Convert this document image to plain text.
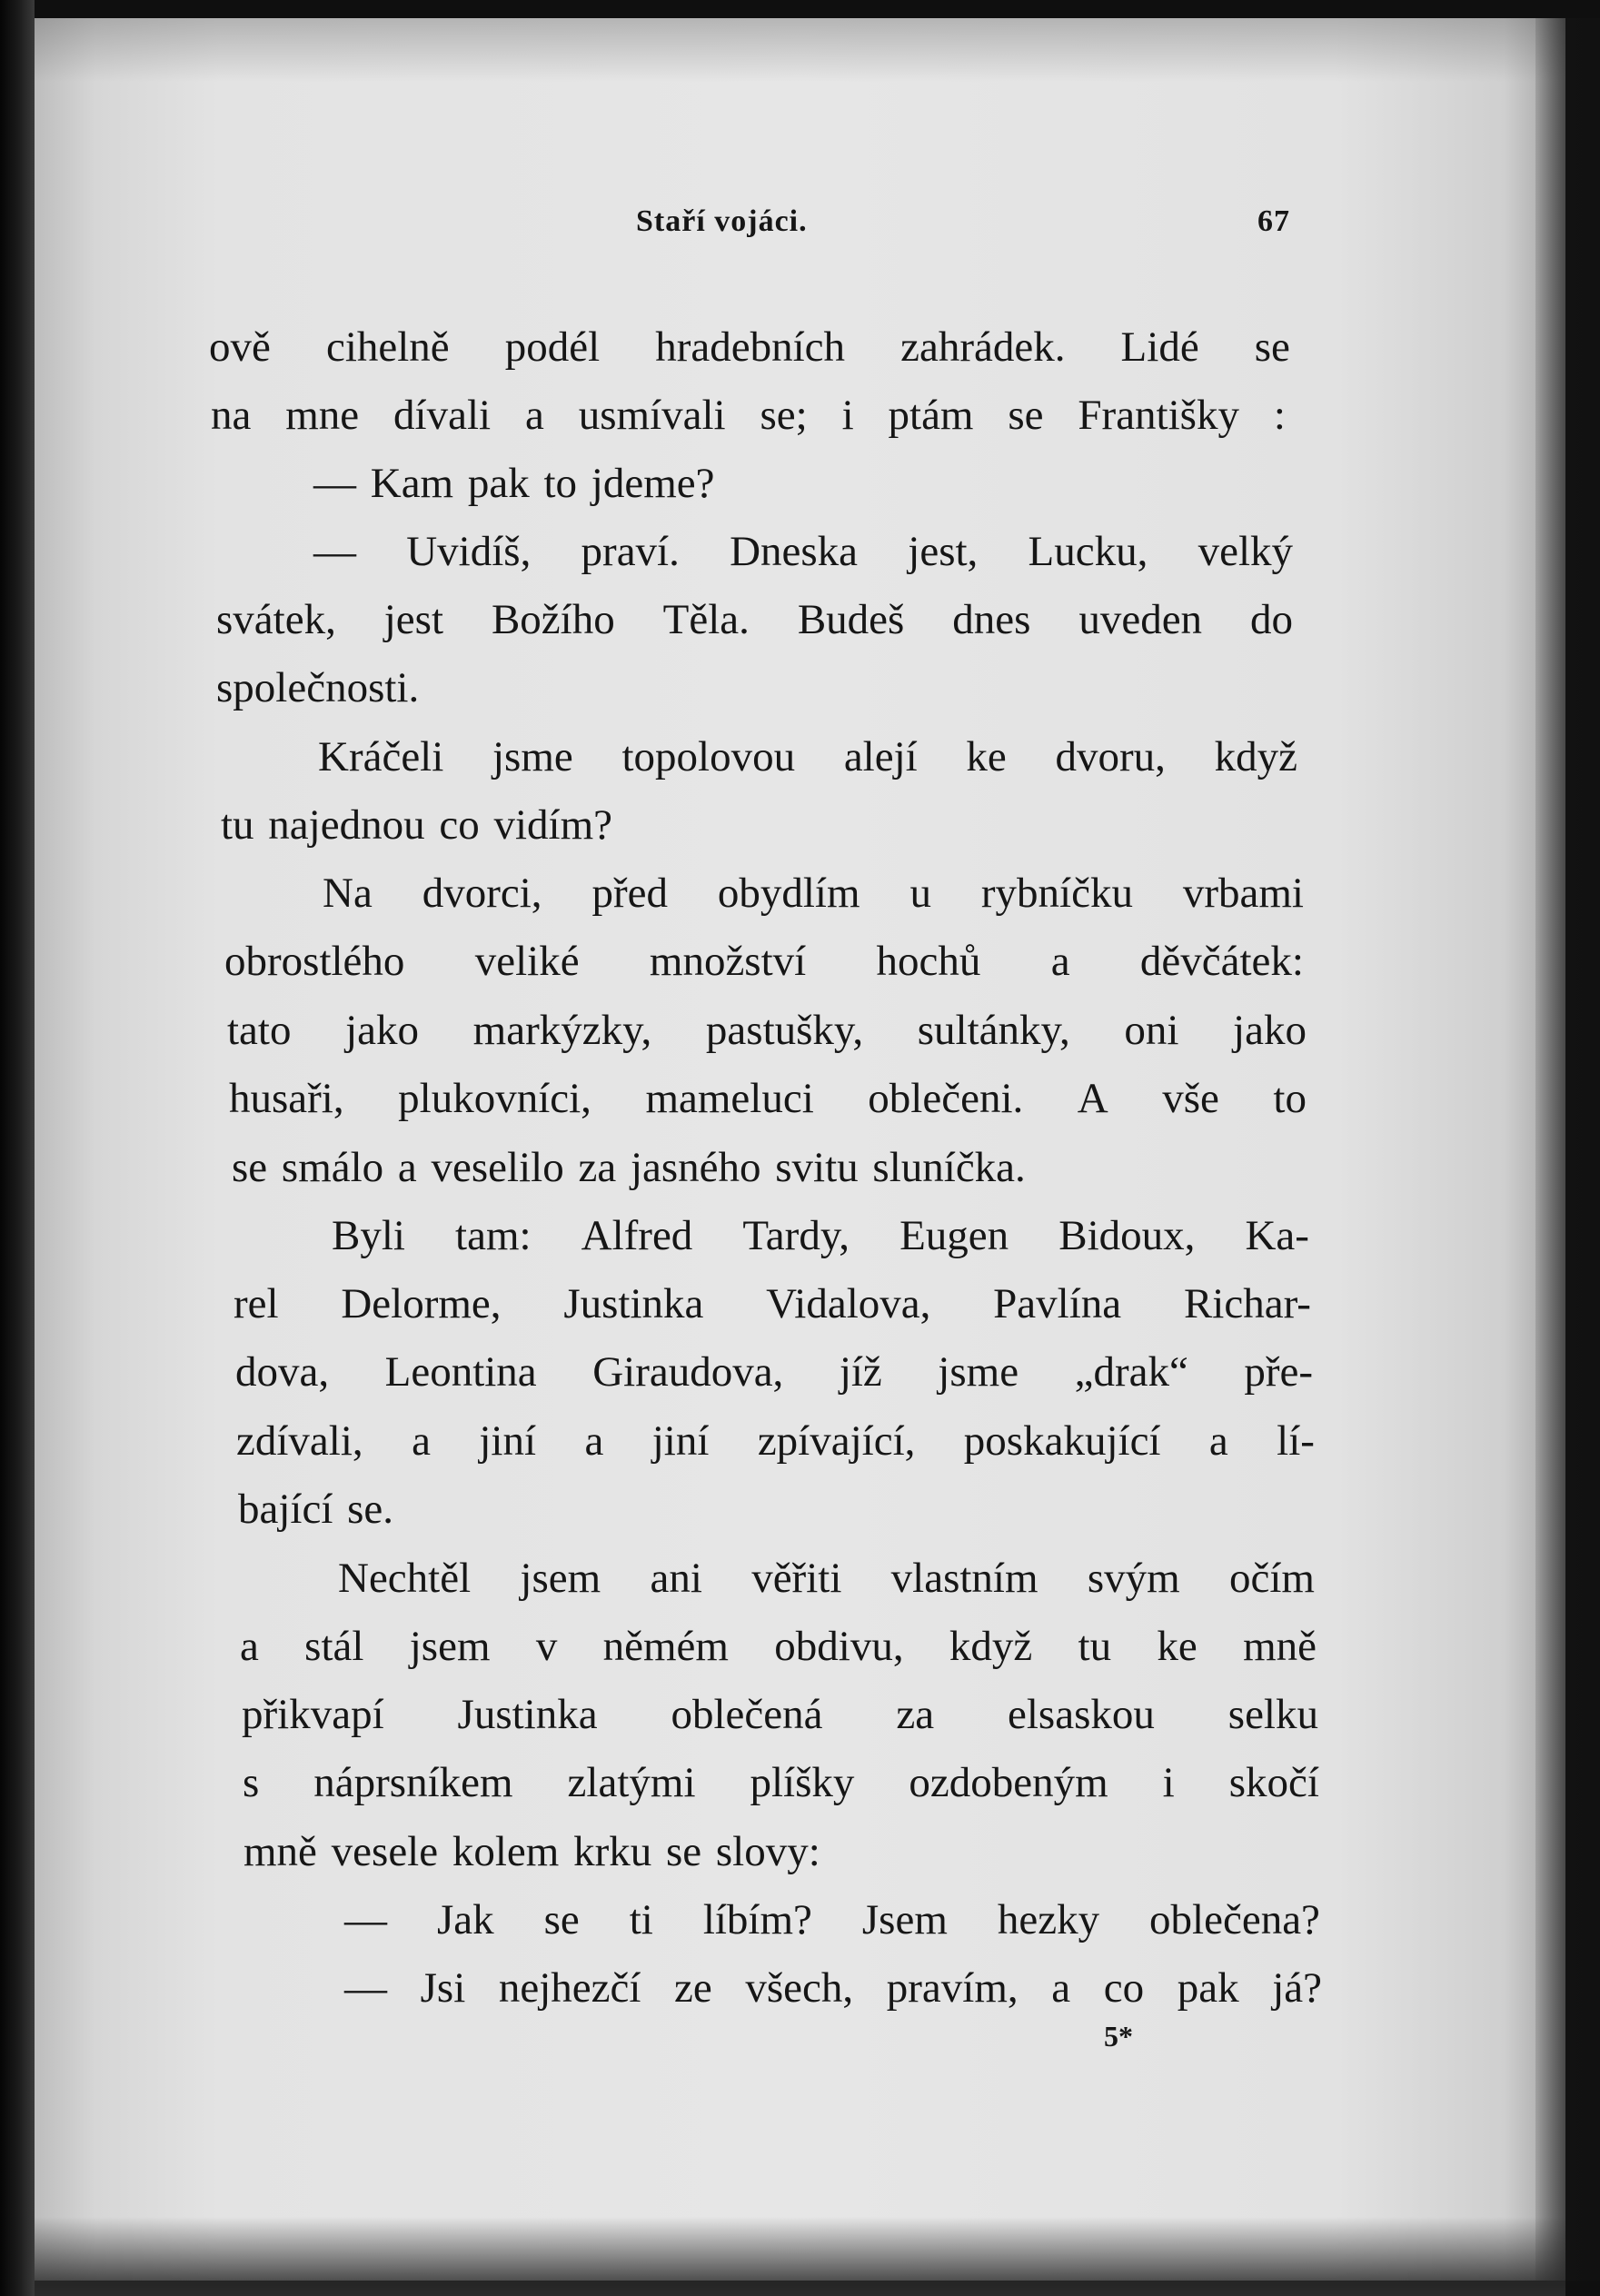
Staří vojáci.	67
ově cihelně podél hradebních zahrádek. Lidé se
na mne dívali a usmívali se; i ptám se Františky :
— Kam pak to jdeme?
— Uvidíš, praví. Dneska jest, Lucku, velký
svátek, jest Božího Těla. Budeš dnes uveden do
společnosti.
Kráčeli jsme topolovou alejí ke dvoru, když
tu najednou co vidím?
Na dvorci, před obydlím u rybníčku vrbami
obrostlého veliké množství hochů a děvčátek:
tato jako markýzky, pastušky, sultánky, oni jako
husaři, plukovníci, mameluci oblečeni. A vše to
se smálo a veselilo za jasného svitu sluníčka.
Byli tam: Alfred Tardy, Eugen Bidoux, Ka-
rel Delorme, Justinka Vidalova, Pavlína Richar-
dova, Leontina Giraudova, jíž jsme „drak“ pře-
zdívali, a jiní a jiní zpívající, poskakující a lí-
bající se.
Nechtěl jsem ani věřiti vlastním svým očím
a stál jsem v němém obdivu, když tu ke mně
přikvapí Justinka oblečená za elsaskou selku
s náprsníkem zlatými plíšky ozdobeným i skočí
mně vesele kolem krku se slovy:
— Jak se ti líbím? Jsem hezky oblečena?
— Jsi nejhezčí ze všech, pravím, a co pak já?
5*
